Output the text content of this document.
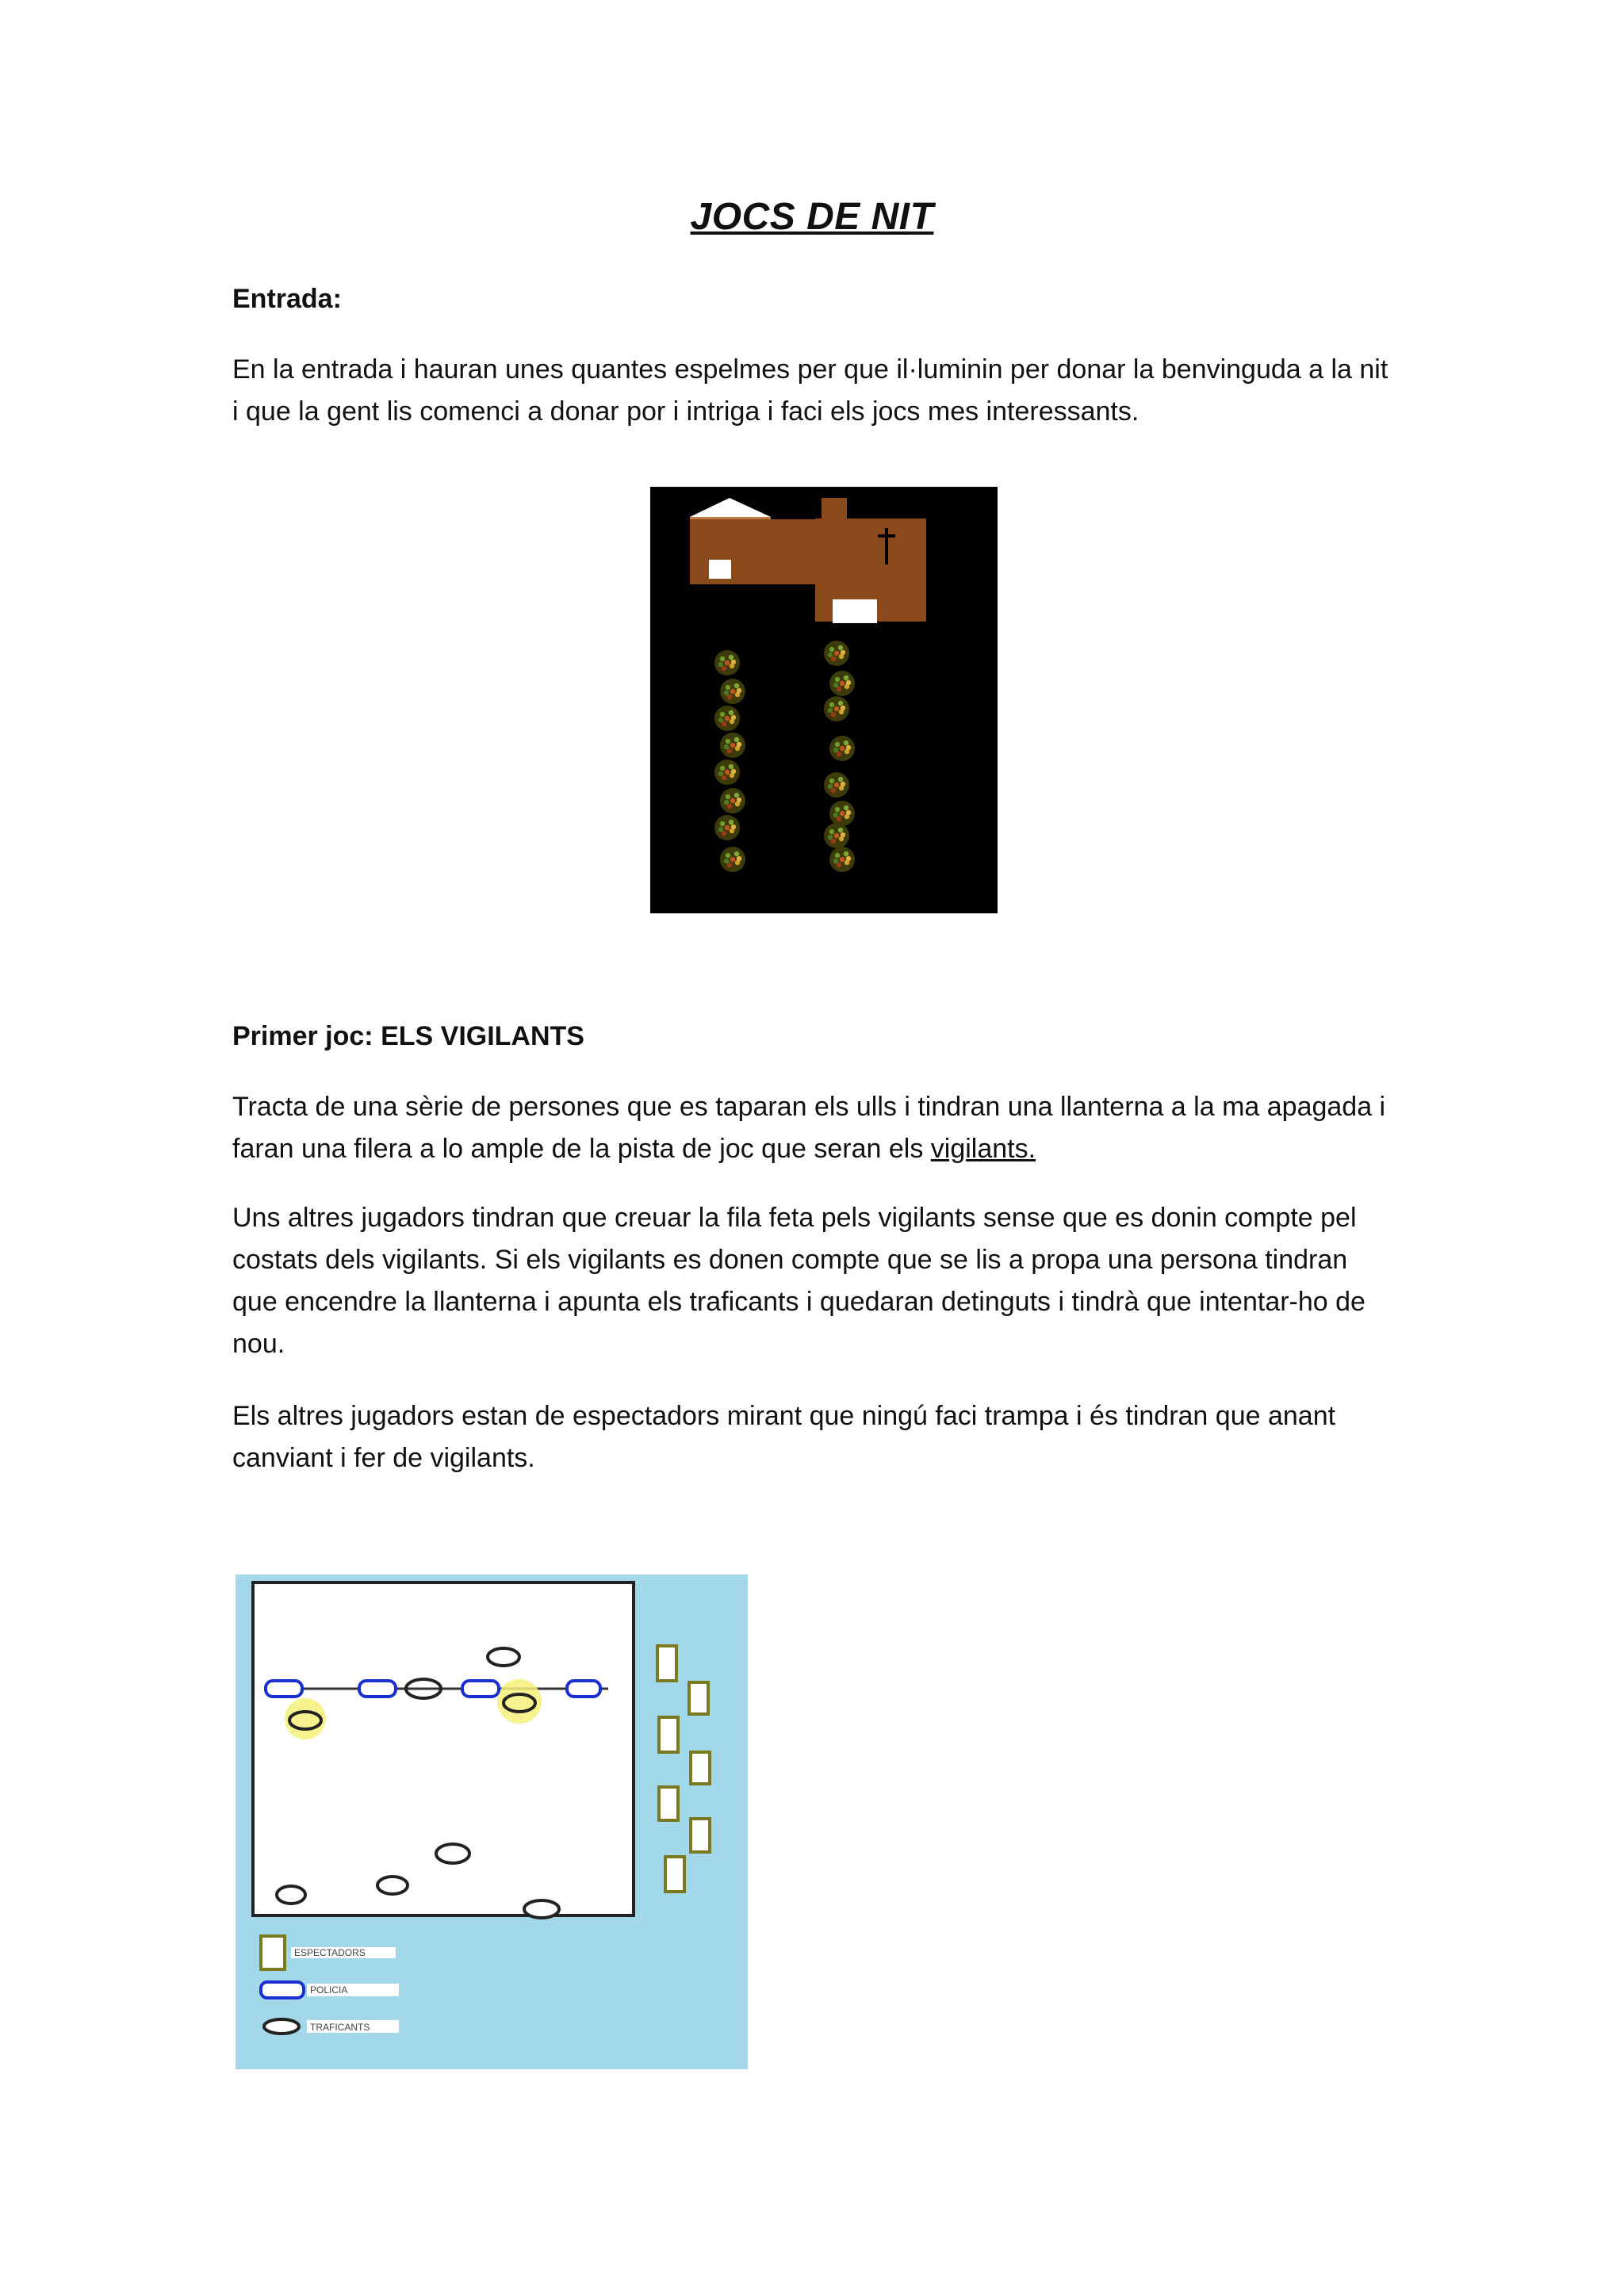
JOCS DE NIT
Entrada:

En la entrada i hauran unes quantes espelmes per que il·luminin per donar la benvinguda a la nit i que la gent lis comenci a donar por i intriga i faci els jocs mes interessants.

Primer joc: ELS VIGILANTS

Tracta de una sèrie de persones que es taparan els ulls i tindran una llanterna a la ma apagada i faran una filera a lo ample de la pista de joc que seran els vigilants.

Uns altres jugadors tindran que creuar la fila feta pels vigilants sense que es donin compte pel costats dels vigilants. Si els vigilants es donen compte que se lis a propa una persona tindran que encendre la llanterna i apunta els traficants i quedaran detinguts i tindrà que intentar-ho de nou.

Els altres jugadors estan de espectadors mirant que ningú faci trampa i és tindran que anant canviant i fer de vigilants.

ESPECTADORS
POLICIA
TRAFICANTS
